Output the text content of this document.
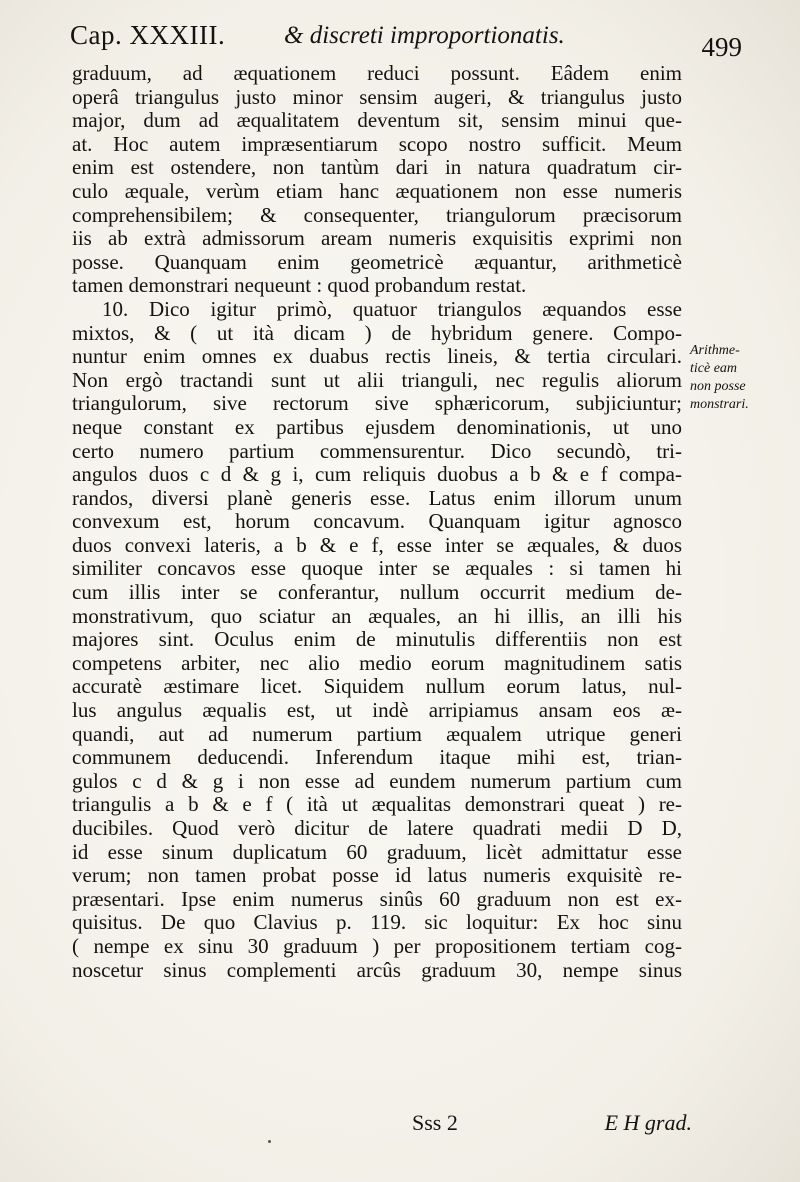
Cap. XXXIII. & discreti improportionatis.	499
graduum, ad æquationem reduci possunt. Eâdem enim
operâ triangulus justo minor sensim augeri, & triangulus justo
major, dum ad æqualitatem deventum sit, sensim minui que-
at. Hoc autem impræsentiarum scopo nostro sufficit. Meum
enim est ostendere, non tantùm dari in natura quadratum cir-
culo æquale, verùm etiam hanc æquationem non esse numeris
comprehensibilem; & consequenter, triangulorum præcisorum
iis ab extrà admissorum aream numeris exquisitis exprimi non
posse. Quanquam enim geometricè æquantur, arithmeticè
tamen demonstrari nequeunt : quod probandum restat.
10. Dico igitur primò, quatuor triangulos æquandos esse
mixtos, & ( ut ità dicam ) de hybridum genere. Compo-
nuntur enim omnes ex duabus rectis lineis, & tertia circulari.
Non ergò tractandi sunt ut alii trianguli, nec regulis aliorum
triangulorum, sive rectorum sive sphæricorum, subjiciuntur;
neque constant ex partibus ejusdem denominationis, ut uno
certo numero partium commensurentur. Dico secundò, tri-
angulos duos c d & g i, cum reliquis duobus a b & e f compa-
randos, diversi planè generis esse. Latus enim illorum unum
convexum est, horum concavum. Quanquam igitur agnosco
duos convexi lateris, a b & e f, esse inter se æquales, & duos
similiter concavos esse quoque inter se æquales : si tamen hi
cum illis inter se conferantur, nullum occurrit medium de-
monstrativum, quo sciatur an æquales, an hi illis, an illi his
majores sint. Oculus enim de minutulis differentiis non est
competens arbiter, nec alio medio eorum magnitudinem satis
accuratè æstimare licet. Siquidem nullum eorum latus, nul-
lus angulus æqualis est, ut indè arripiamus ansam eos æ-
quandi, aut ad numerum partium æqualem utrique generi
communem deducendi. Inferendum itaque mihi est, trian-
gulos c d & g i non esse ad eundem numerum partium cum
triangulis a b & e f ( ità ut æqualitas demonstrari queat ) re-
ducibiles. Quod verò dicitur de latere quadrati medii D D,
id esse sinum duplicatum 60 graduum, licèt admittatur esse
verum; non tamen probat posse id latus numeris exquisitè re-
præsentari. Ipse enim numerus sinûs 60 graduum non est ex-
quisitus. De quo Clavius p. 119. sic loquitur: Ex hoc sinu
( nempe ex sinu 30 graduum ) per propositionem tertiam cog-
noscetur sinus complementi arcûs graduum 30, nempe sinus
Arithme-
ticè eam
non posse
monstrari.
Sss 2	E H grad.
